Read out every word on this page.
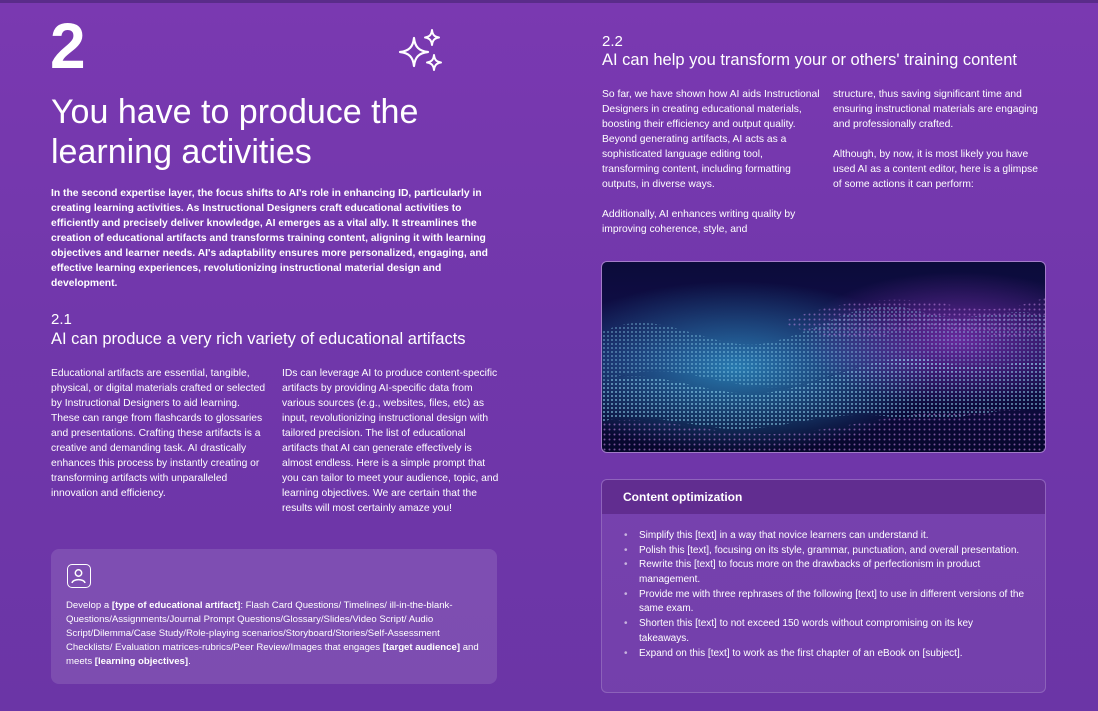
2
You have to produce the learning activities

In the second expertise layer, the focus shifts to AI's role in enhancing ID, particularly in creating learning activities. As Instructional Designers craft educational activities to efficiently and precisely deliver knowledge, AI emerges as a vital ally. It streamlines the creation of educational artifacts and transforms training content, aligning it with learning objectives and learner needs. AI's adaptability ensures more personalized, engaging, and effective learning experiences, revolutionizing instructional material design and development.

2.1
AI can produce a very rich variety of educational artifacts

Educational artifacts are essential, tangible, physical, or digital materials crafted or selected by Instructional Designers to aid learning. These can range from flashcards to glossaries and presentations. Crafting these artifacts is a creative and demanding task. AI drastically enhances this process by instantly creating or transforming artifacts with unparalleled innovation and efficiency.

IDs can leverage AI to produce content-specific artifacts by providing AI-specific data from various sources (e.g., websites, files, etc) as input, revolutionizing instructional design with tailored precision. The list of educational artifacts that AI can generate effectively is almost endless. Here is a simple prompt that you can tailor to meet your audience, topic, and learning objectives. We are certain that the results will most certainly amaze you!

Develop a [type of educational artifact]: Flash Card Questions/ Timelines/ ill-in-the-blank-Questions/Assignments/Journal Prompt Questions/Glossary/Slides/Video Script/ Audio Script/Dilemma/Case Study/Role-playing scenarios/Storyboard/Stories/Self-Assessment Checklists/ Evaluation matrices-rubrics/Peer Review/Images that engages [target audience] and meets [learning objectives].

2.2
AI can help you transform your or others' training content

So far, we have shown how AI aids Instructional Designers in creating educational materials, boosting their efficiency and output quality. Beyond generating artifacts, AI acts as a sophisticated language editing tool, transforming content, including formatting outputs, in diverse ways.

Additionally, AI enhances writing quality by improving coherence, style, and

structure, thus saving significant time and ensuring instructional materials are engaging and professionally crafted.

Although, by now, it is most likely you have used AI as a content editor, here is a glimpse of some actions it can perform:

Content optimization
• Simplify this [text] in a way that novice learners can understand it.
• Polish this [text], focusing on its style, grammar, punctuation, and overall presentation.
• Rewrite this [text] to focus more on the drawbacks of perfectionism in product management.
• Provide me with three rephrases of the following [text] to use in different versions of the same exam.
• Shorten this [text] to not exceed 150 words without compromising on its key takeaways.
• Expand on this [text] to work as the first chapter of an eBook on [subject].
